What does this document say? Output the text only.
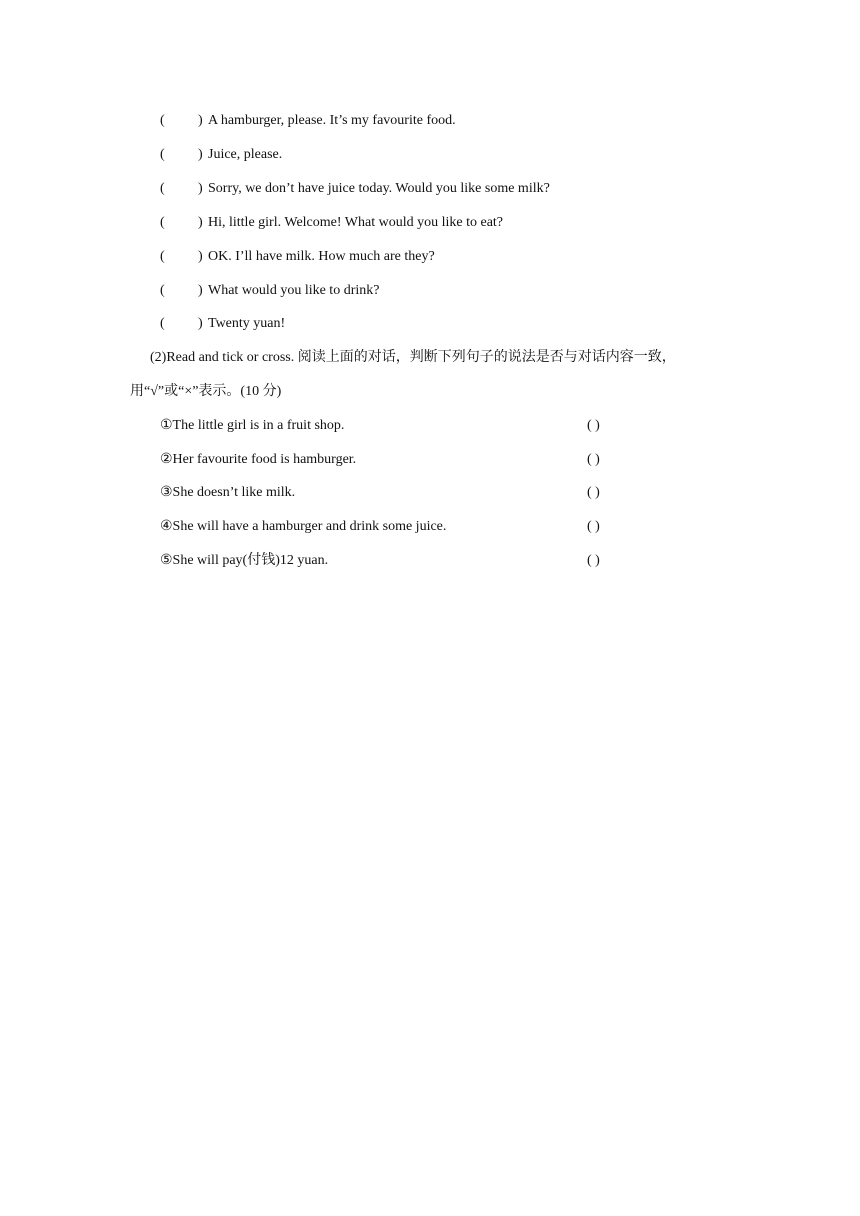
( ) A hamburger, please. It’s my favourite food.
( ) Juice, please.
( ) Sorry, we don’t have juice today. Would you like some milk?
( ) Hi, little girl. Welcome! What would you like to eat?
( ) OK. I’ll have milk. How much are they?
( ) What would you like to drink?
( ) Twenty yuan!
(2)Read and tick or cross. 阅读上面的对话，判断下列句子的说法是否与对话内容一致，
用“√”或“×”表示。(10 分)
①The little girl is in a fruit shop.	( )
②Her favourite food is hamburger.	( )
③She doesn’t like milk.	( )
④She will have a hamburger and drink some juice.	( )
⑤She will pay(付钱)12 yuan.	( )
